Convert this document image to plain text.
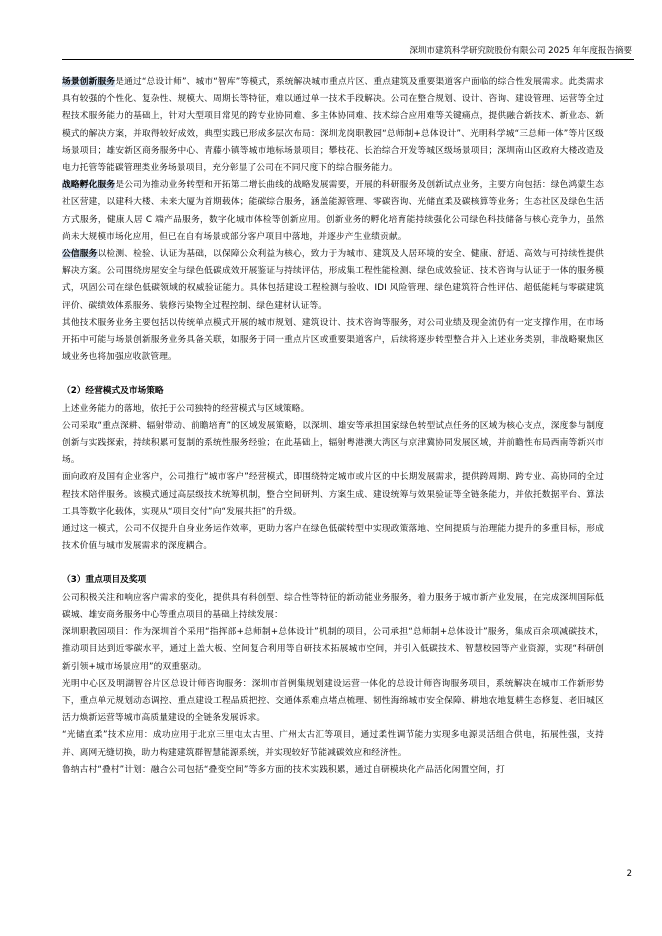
深圳市建筑科学研究院股份有限公司 2025 年年度报告摘要

场景创新服务是通过“总设计师”、城市“智库”等模式，系统解决城市重点片区、重点建筑及重要渠道客户面临的综合性发展需求。此类需求具有较强的个性化、复杂性、规模大、周期长等特征，难以通过单一技术手段解决。公司在整合规划、设计、咨询、建设管理、运营等全过程技术服务能力的基础上，针对大型项目常见的跨专业协同难、多主体协同难、技术综合应用难等关键痛点，提供融合新技术、新业态、新模式的解决方案，并取得较好成效，典型实践已形成多层次布局：深圳龙岗职教园“总师制+总体设计”、光明科学城“三总师一体”等片区级场景项目；雄安新区商务服务中心、青藤小镇等城市地标场景项目；攀枝花、长治综合开发等城区级场景项目；深圳南山区政府大楼改造及电力托管等能碳管理类业务场景项目，充分彰显了公司在不同尺度下的综合服务能力。

战略孵化服务是公司为推动业务转型和开拓第二增长曲线的战略发展需要，开展的科研服务及创新试点业务，主要方向包括：绿色鸿蒙生态社区营建，以建科大楼、未来大厦为首期载体；能碳综合服务，涵盖能源管理、零碳咨询、光储直柔及碳核算等业务；生态社区及绿色生活方式服务，健康人居 C 端产品服务，数字化城市体检等创新应用。创新业务的孵化培育能持续强化公司绿色科技储备与核心竞争力，虽然尚未大规模市场化应用，但已在自有场景或部分客户项目中落地，并逐步产生业绩贡献。

公信服务以检测、检验、认证为基础，以保障公众利益为核心，致力于为城市、建筑及人居环境的安全、健康、舒适、高效与可持续性提供解决方案。公司围绕房屋安全与绿色低碳成效开展鉴证与持续评估，形成集工程性能检测、绿色成效验证、技术咨询与认证于一体的服务模式，巩固公司在绿色低碳领域的权威验证能力。具体包括建设工程检测与验收、IDI 风险管理、绿色建筑符合性评估、超低能耗与零碳建筑评价、碳绩效体系服务、装修污染物全过程控制、绿色建材认证等。

其他技术服务业务主要包括以传统单点模式开展的城市规划、建筑设计、技术咨询等服务，对公司业绩及现金流仍有一定支撑作用，在市场开拓中可能与场景创新服务业务具备关联，如服务于同一重点片区或重要渠道客户，后续将逐步转型整合并入上述业务类别，非战略聚焦区域业务也将加强应收款管理。

（2）经营模式及市场策略

上述业务能力的落地，依托于公司独特的经营模式与区域策略。

公司采取“重点深耕、辐射带动、前瞻培育”的区域发展策略，以深圳、雄安等承担国家绿色转型试点任务的区域为核心支点，深度参与制度创新与实践探索，持续积累可复制的系统性服务经验；在此基础上，辐射粤港澳大湾区与京津冀协同发展区域，并前瞻性布局西南等新兴市场。

面向政府及国有企业客户，公司推行“城市客户”经营模式，即围绕特定城市或片区的中长期发展需求，提供跨周期、跨专业、高协同的全过程技术陪伴服务。该模式通过高层级技术统筹机制，整合空间研判、方案生成、建设统筹与效果验证等全链条能力，并依托数据平台、算法工具等数字化载体，实现从“项目交付”向“发展共拒”的升级。

通过这一模式，公司不仅提升自身业务运作效率，更助力客户在绿色低碳转型中实现政策落地、空间提质与治理能力提升的多重目标，形成技术价值与城市发展需求的深度耦合。

（3）重点项目及奖项

公司积极关注和响应客户需求的变化，提供具有科创型、综合性等特征的新动能业务服务，着力服务于城市新产业发展，在完成深圳国际低碳城、雄安商务服务中心等重点项目的基础上持续发展：

深圳职教园项目：作为深圳首个采用“指挥部+总师制+总体设计”机制的项目，公司承担“总师制+总体设计”服务，集成百余项减碳技术，推动项目达到近零碳水平，通过上盖大板、空间复合利用等自研技术拓展城市空间，并引入低碳技术、智慧校园等产业资源，实现“科研创新引领+城市场景应用”的双重驱动。

光明中心区及明湖智谷片区总设计师咨询服务：深圳市首例集规划建设运营一体化的总设计师咨询服务项目，系统解决在城市工作新形势下，重点单元规划动态调控、重点建设工程品质把控、交通体系难点堵点梳理、韧性海绵城市安全保障、耕地农地复耕生态修复、老旧城区活力焕新运营等城市高质量建设的全链条发展诉求。

“光储直柔”技术应用：成功应用于北京三里屯太古里、广州太古汇等项目，通过柔性调节能力实现多电源灵活组合供电，拓展性强，支持并、离网无缝切换，助力构建建筑群智慧能源系统，并实现较好节能减碳效应和经济性。

鲁纳古村“叠村”计划：融合公司包括“叠变空间”等多方面的技术实践积累，通过自研模块化产品活化闲置空间，打

2
